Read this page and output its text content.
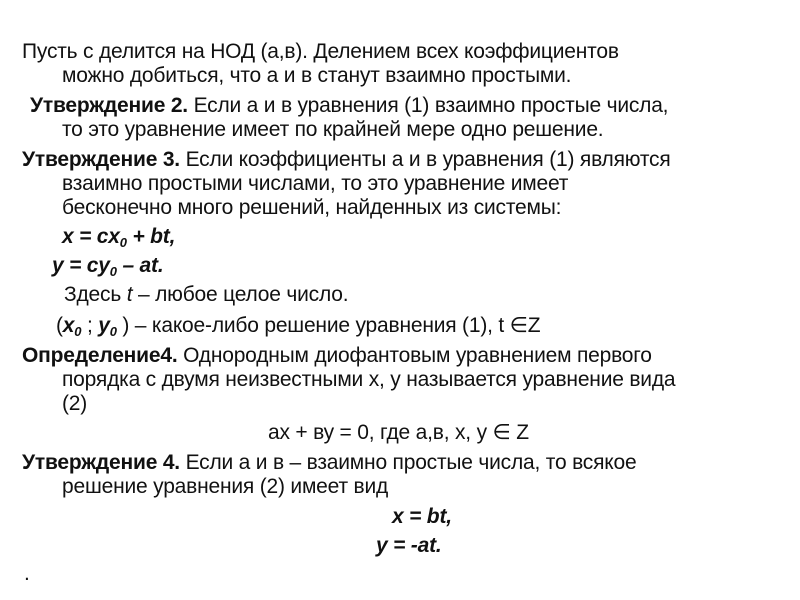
Пусть с делится на НОД (а,в). Делением всех коэффициентов
можно добиться, что а и в станут взаимно простыми.
Утверждение 2. Если а и в уравнения (1) взаимно простые числа,
то это уравнение имеет по крайней мере одно решение.
Утверждение 3. Если коэффициенты а и в уравнения (1) являются
взаимно простыми числами, то это уравнение имеет
бесконечно много решений, найденных из системы:
$x = cx_0$ + bt,
$y = cy_0$ – at.
Здесь t – любое целое число.
($x_0$ ; $y_0$ ) – какое-либо решение уравнения (1), t ∈Z
Определение4. Однородным диофантовым уравнением первого
порядка с двумя неизвестными x, y называется уравнение вида
(2)
ах + ву = 0, где а,в, x, y ∈ Z
Утверждение 4. Если а и в – взаимно простые числа, то всякое
решение уравнения (2) имеет вид
x = bt,
y = -at.
.
